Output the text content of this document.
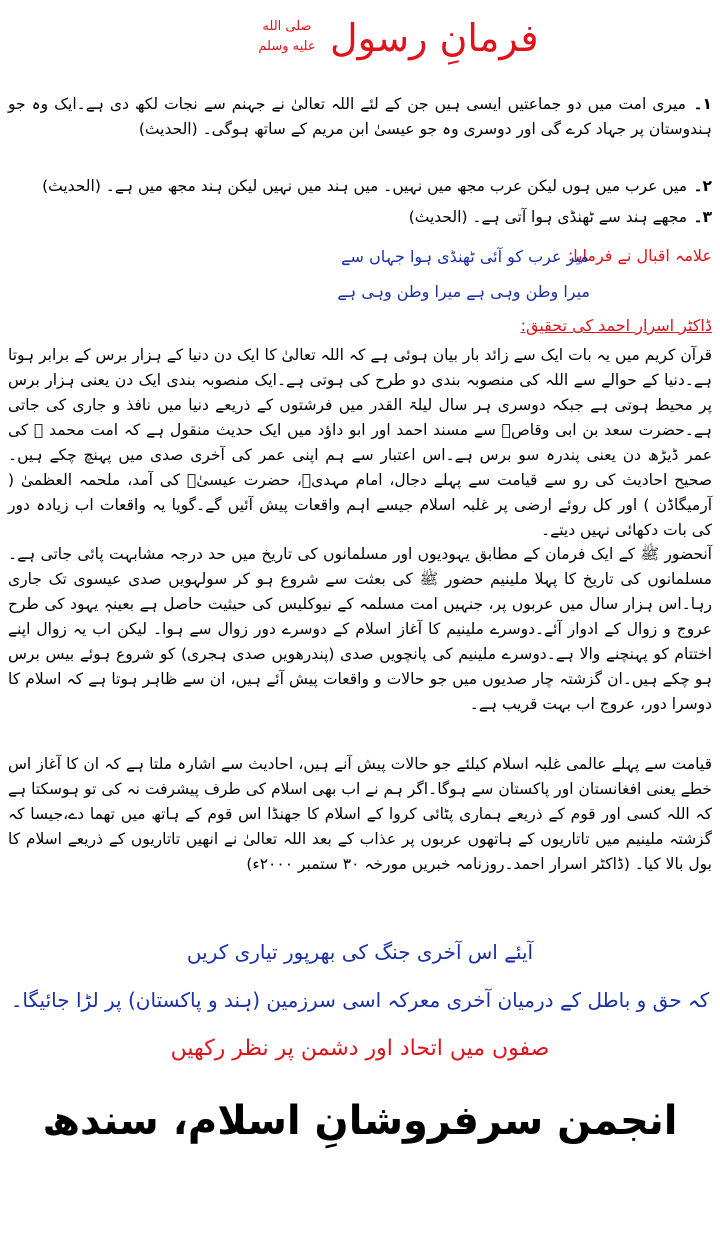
فرمانِ رسول
صلى الله
عليه وسلم
۱۔ میری امت میں دو جماعتیں ایسی ہیں جن کے لئے اللہ تعالیٰ نے جہنم سے نجات لکھ دی ہے۔ایک وہ جو ہندوستان پر جہاد کرے گی اور دوسری وہ جو عیسیٰ ابن مریم کے ساتھ ہوگی۔ (الحدیث)
۲۔ میں عرب میں ہوں لیکن عرب مجھ میں نہیں۔ میں ہند میں نہیں لیکن ہند مجھ میں ہے۔ (الحدیث)
۳۔ مجھے ہند سے ٹھنڈی ہوا آتی ہے۔ (الحدیث)
علامہ اقبال نے فرمایا:
میر عرب کو آئی ٹھنڈی ہوا جہاں سے
میرا وطن وہی ہے میرا وطن وہی ہے
ڈاکٹر اسرار احمد کی تحقیق:
قرآن کریم میں یہ بات ایک سے زائد بار بیان ہوئی ہے کہ اللہ تعالیٰ کا ایک دن دنیا کے ہزار برس کے برابر ہوتا ہے۔دنیا کے حوالے سے اللہ کی منصوبہ بندی دو طرح کی ہوتی ہے۔ایک منصوبہ بندی ایک دن یعنی ہزار برس پر محیط ہوتی ہے جبکہ دوسری ہر سال لیلۃ القدر میں فرشتوں کے ذریعے دنیا میں نافذ و جاری کی جاتی ہے۔حضرت سعد بن ابی وقاصؓ سے مسند احمد اور ابو داؤد میں ایک حدیث منقول ہے کہ امت محمد ﷺ کی عمر ڈیڑھ دن یعنی پندرہ سو برس ہے۔اس اعتبار سے ہم اپنی عمر کی آخری صدی میں پہنچ چکے ہیں۔ صحیح احادیث کی رو سے قیامت سے پہلے دجال، امام مہدیؑ، حضرت عیسیٰؑ کی آمد، ملحمہ العظمیٰ ( آرمیگاڈن ) اور کل روئے ارضی پر غلبہ اسلام جیسے اہم واقعات پیش آئیں گے۔گویا یہ واقعات اب زیادہ دور کی بات دکھائی نہیں دیتے۔
آنحضور ﷺ کے ایک فرمان کے مطابق یہودیوں اور مسلمانوں کی تاریخ میں حد درجہ مشابہت پائی جاتی ہے۔ مسلمانوں کی تاریخ کا پہلا ملینیم حضور ﷺ کی بعثت سے شروع ہو کر سولہویں صدی عیسوی تک جاری رہا۔اس ہزار سال میں عربوں پر، جنہیں امت مسلمہ کے نیوکلیس کی حیثیت حاصل ہے بعینہٖ یہود کی طرح عروج و زوال کے ادوار آئے۔دوسرے ملینیم کا آغاز اسلام کے دوسرے دور زوال سے ہوا۔ لیکن اب یہ زوال اپنے اختتام کو پہنچنے والا ہے۔دوسرے ملینیم کی پانچویں صدی (پندرھویں صدی ہجری) کو شروع ہوئے بیس برس ہو چکے ہیں۔ان گزشتہ چار صدیوں میں جو حالات و واقعات پیش آئے ہیں، ان سے ظاہر ہوتا ہے کہ اسلام کا دوسرا دور، عروج اب بہت قریب ہے۔
قیامت سے پہلے عالمی غلبہ اسلام کیلئے جو حالات پیش آنے ہیں، احادیث سے اشارہ ملتا ہے کہ ان کا آغاز اس خطے یعنی افغانستان اور پاکستان سے ہوگا۔اگر ہم نے اب بھی اسلام کی طرف پیشرفت نہ کی تو ہوسکتا ہے کہ اللہ کسی اور قوم کے ذریعے ہماری پٹائی کروا کے اسلام کا جھنڈا اس قوم کے ہاتھ میں تھما دے،جیسا کہ گزشتہ ملینیم میں تاتاریوں کے ہاتھوں عربوں پر عذاب کے بعد اللہ تعالیٰ نے انھیں تاتاریوں کے ذریعے اسلام کا بول بالا کیا۔ (ڈاکٹر اسرار احمد۔روزنامہ خبریں مورخہ ۳۰ ستمبر ۲۰۰۰ء)
آیئے اس آخری جنگ کی بھرپور تیاری کریں
کہ حق و باطل کے درمیان آخری معرکہ اسی سرزمین (ہند و پاکستان) پر لڑا جائیگا۔
صفوں میں اتحاد اور دشمن پر نظر رکھیں
انجمن سرفروشانِ اسلام، سندھ
